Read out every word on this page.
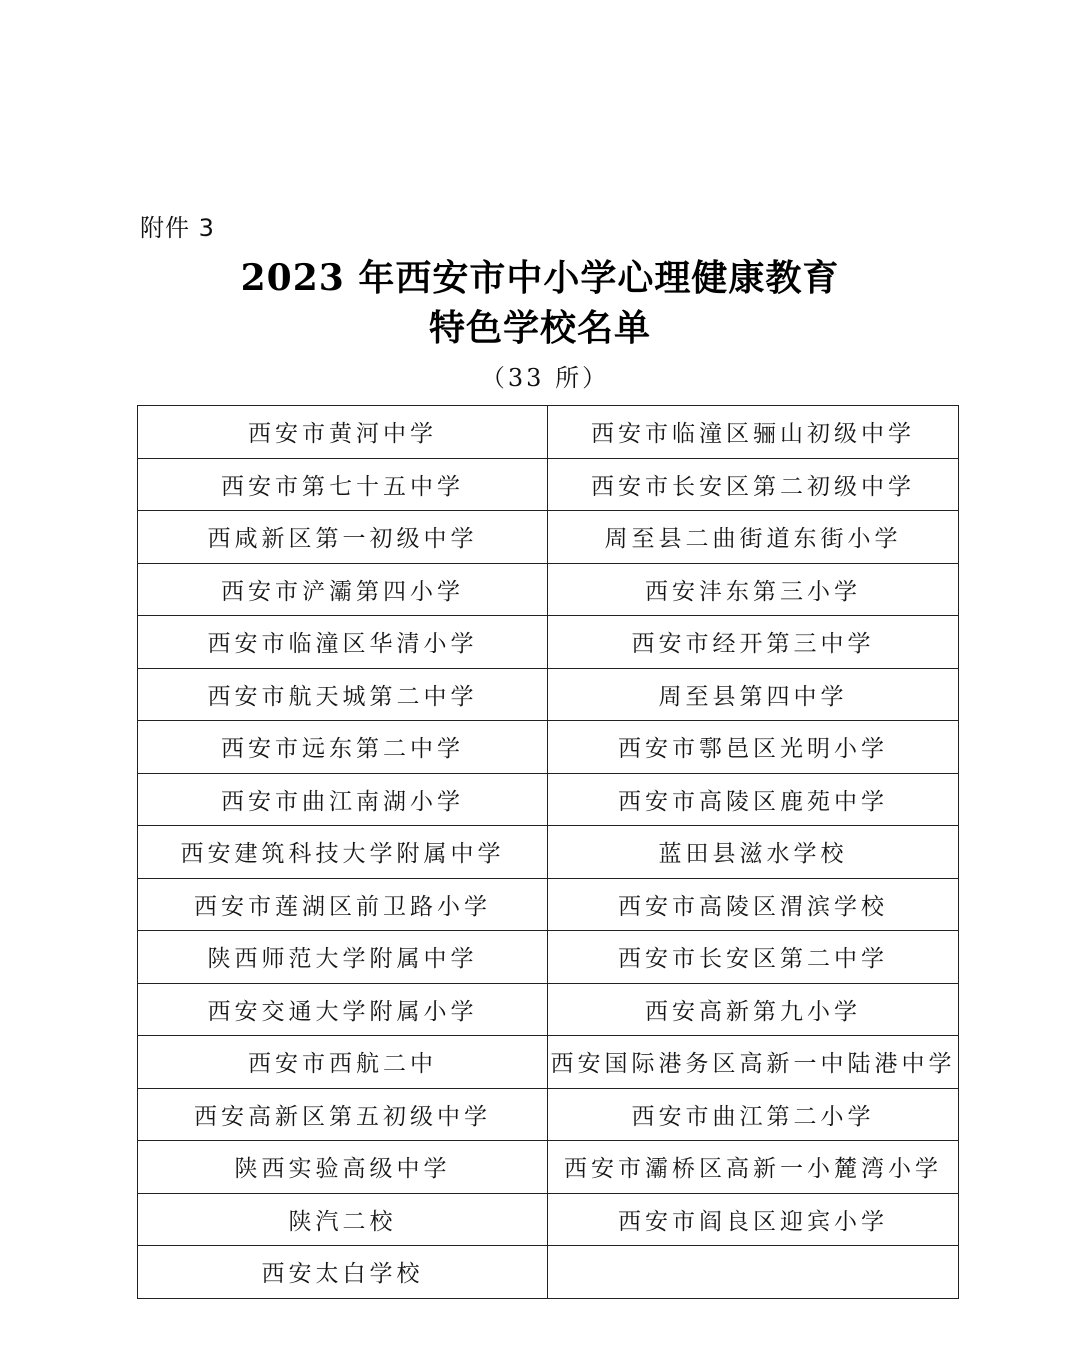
附件 3
2023 年西安市中小学心理健康教育
特色学校名单
（33 所）
西安市黄河中学	西安市临潼区骊山初级中学
西安市第七十五中学	西安市长安区第二初级中学
西咸新区第一初级中学	周至县二曲街道东街小学
西安市浐灞第四小学	西安沣东第三小学
西安市临潼区华清小学	西安市经开第三中学
西安市航天城第二中学	周至县第四中学
西安市远东第二中学	西安市鄠邑区光明小学
西安市曲江南湖小学	西安市高陵区鹿苑中学
西安建筑科技大学附属中学	蓝田县滋水学校
西安市莲湖区前卫路小学	西安市高陵区渭滨学校
陕西师范大学附属中学	西安市长安区第二中学
西安交通大学附属小学	西安高新第九小学
西安市西航二中	西安国际港务区高新一中陆港中学
西安高新区第五初级中学	西安市曲江第二小学
陕西实验高级中学	西安市灞桥区高新一小麓湾小学
陕汽二校	西安市阎良区迎宾小学
西安太白学校	
